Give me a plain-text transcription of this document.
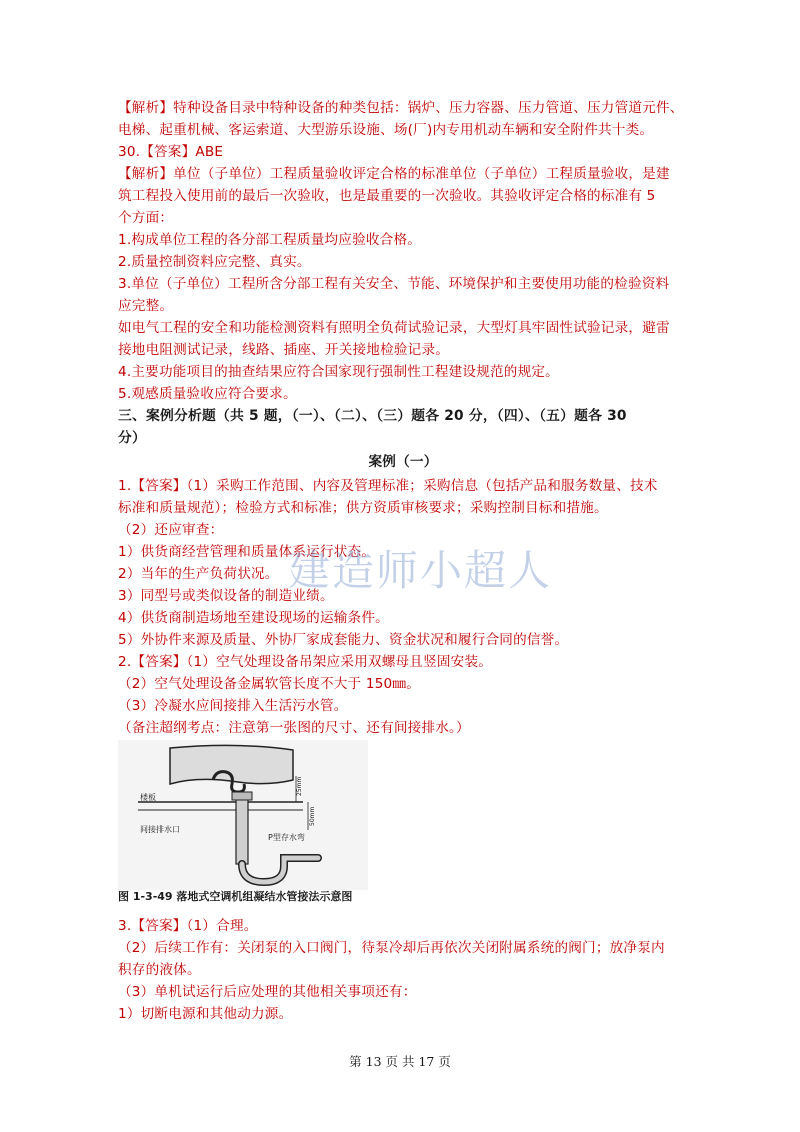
【解析】特种设备目录中特种设备的种类包括：锅炉、压力容器、压力管道、压力管道元件、
电梯、起重机械、客运索道、大型游乐设施、场(厂)内专用机动车辆和安全附件共十类。
30.【答案】ABE
【解析】单位（子单位）工程质量验收评定合格的标准单位（子单位）工程质量验收，是建
筑工程投入使用前的最后一次验收，也是最重要的一次验收。其验收评定合格的标准有 5
个方面：
1.构成单位工程的各分部工程质量均应验收合格。
2.质量控制资料应完整、真实。
3.单位（子单位）工程所含分部工程有关安全、节能、环境保护和主要使用功能的检验资料
应完整。
如电气工程的安全和功能检测资料有照明全负荷试验记录，大型灯具牢固性试验记录，避雷
接地电阻测试记录，线路、插座、开关接地检验记录。
4.主要功能项目的抽查结果应符合国家现行强制性工程建设规范的规定。
5.观感质量验收应符合要求。
三、案例分析题（共 5 题，（一）、（二）、（三）题各 20 分，（四）、（五）题各 30
分）
案例（一）
1.【答案】（1）采购工作范围、内容及管理标准；采购信息（包括产品和服务数量、技术
标准和质量规范）；检验方式和标准；供方资质审核要求；采购控制目标和措施。
（2）还应审查：
1）供货商经营管理和质量体系运行状态。
2）当年的生产负荷状况。
3）同型号或类似设备的制造业绩。
4）供货商制造场地至建设现场的运输条件。
5）外协件来源及质量、外协厂家成套能力、资金状况和履行合同的信誉。
2.【答案】（1）空气处理设备吊架应采用双螺母且竖固安装。
（2）空气处理设备金属软管长度不大于 150㎜。
（3）冷凝水应间接排入生活污水管。
（备注超纲考点：注意第一张图的尺寸、还有间接排水。）
建造师小超人
楼板
间接排水口
P型存水弯
25mm
50mm
图 1-3-49 落地式空调机组凝结水管接法示意图
3.【答案】（1）合理。
（2）后续工作有：关闭泵的入口阀门，待泵冷却后再依次关闭附属系统的阀门；放净泵内
积存的液体。
（3）单机试运行后应处理的其他相关事项还有：
1）切断电源和其他动力源。
第 13 页 共 17 页
